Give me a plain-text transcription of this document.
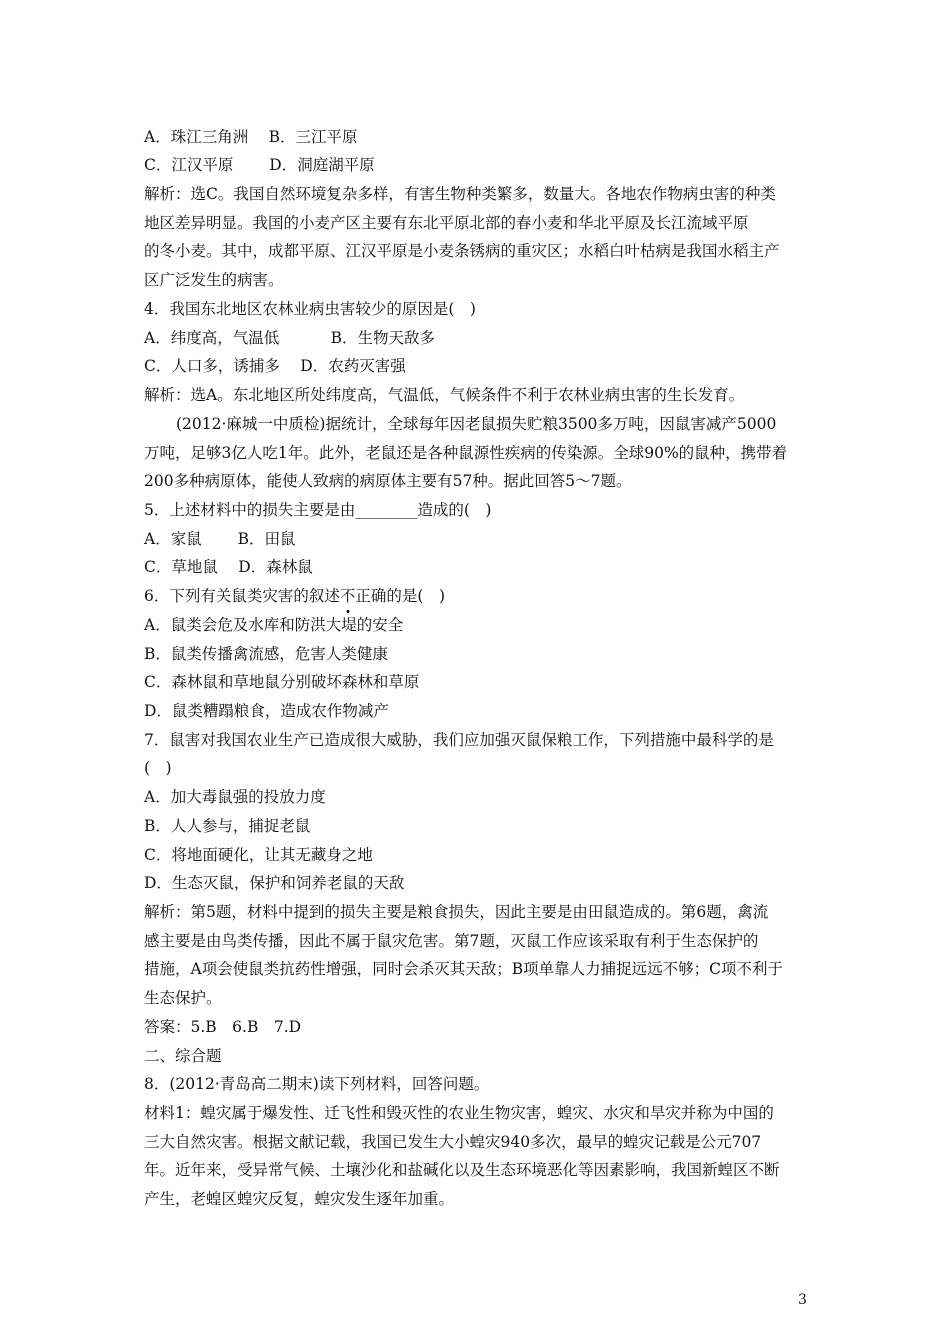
A．珠江三角洲　 B．三江平原
C．江汉平原　　 D．洞庭湖平原
解析：选C。我国自然环境复杂多样，有害生物种类繁多，数量大。各地农作物病虫害的种类
地区差异明显。我国的小麦产区主要有东北平原北部的春小麦和华北平原及长江流域平原
的冬小麦。其中，成都平原、江汉平原是小麦条锈病的重灾区；水稻白叶枯病是我国水稻主产
区广泛发生的病害。
4．我国东北地区农林业病虫害较少的原因是(　)
A．纬度高，气温低　　　 B．生物天敌多
C．人口多，诱捕多　 D．农药灭害强
解析：选A。东北地区所处纬度高，气温低，气候条件不利于农林业病虫害的生长发育。
(2012·麻城一中质检)据统计，全球每年因老鼠损失贮粮3500多万吨，因鼠害减产5000
万吨，足够3亿人吃1年。此外，老鼠还是各种鼠源性疾病的传染源。全球90%的鼠种，携带着
200多种病原体，能使人致病的病原体主要有57种。据此回答5～7题。
5．上述材料中的损失主要是由________造成的(　)
A．家鼠　　 B．田鼠
C．草地鼠　 D．森林鼠
6．下列有关鼠类灾害的叙述不正确的是(　)
A．鼠类会危及水库和防洪大堤的安全
B．鼠类传播禽流感，危害人类健康
C．森林鼠和草地鼠分别破坏森林和草原
D．鼠类糟蹋粮食，造成农作物减产
7．鼠害对我国农业生产已造成很大威胁，我们应加强灭鼠保粮工作，下列措施中最科学的是
(　)
A．加大毒鼠强的投放力度
B．人人参与，捕捉老鼠
C．将地面硬化，让其无藏身之地
D．生态灭鼠，保护和饲养老鼠的天敌
解析：第5题，材料中提到的损失主要是粮食损失，因此主要是由田鼠造成的。第6题，禽流
感主要是由鸟类传播，因此不属于鼠灾危害。第7题，灭鼠工作应该采取有利于生态保护的
措施，A项会使鼠类抗药性增强，同时会杀灭其天敌；B项单靠人力捕捉远远不够；C项不利于
生态保护。
答案：5.B　6.B　7.D
二、综合题
8．(2012·青岛高二期末)读下列材料，回答问题。
材料1：蝗灾属于爆发性、迁飞性和毁灭性的农业生物灾害，蝗灾、水灾和旱灾并称为中国的
三大自然灾害。根据文献记载，我国已发生大小蝗灾940多次，最早的蝗灾记载是公元707
年。近年来，受异常气候、土壤沙化和盐碱化以及生态环境恶化等因素影响，我国新蝗区不断
产生，老蝗区蝗灾反复，蝗灾发生逐年加重。
3
